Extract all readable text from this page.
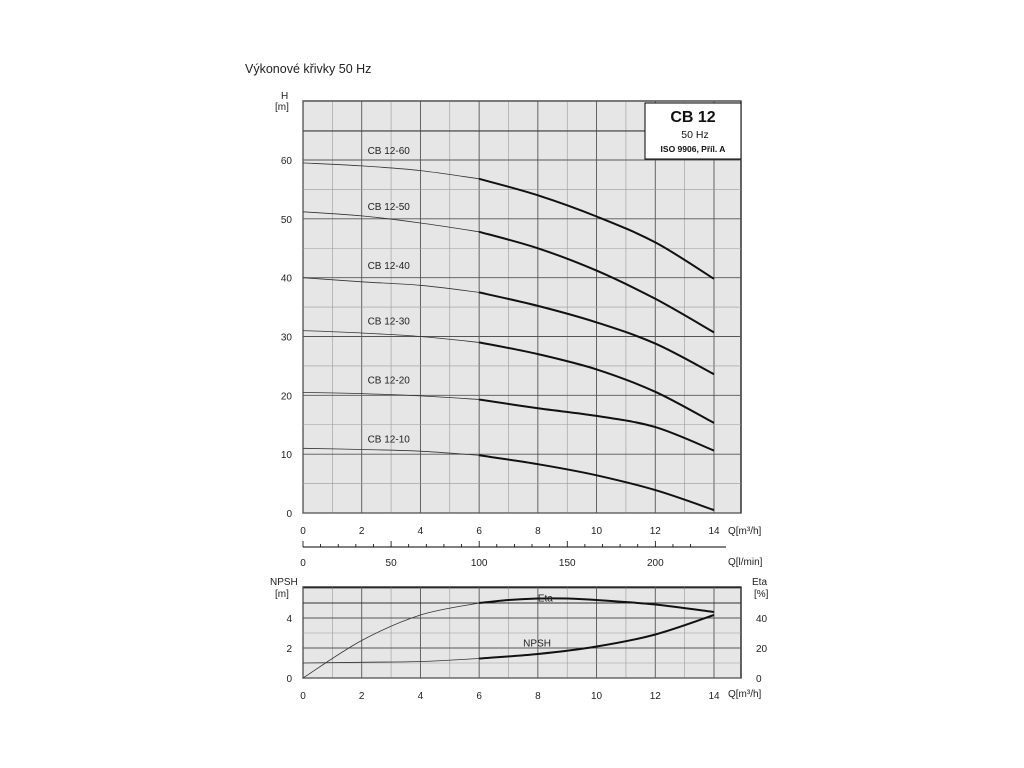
Výkonové křivky 50 Hz
CB 12-60
CB 12-50
CB 12-40
CB 12-30
CB 12-20
CB 12-10
0
10
20
30
40
50
60
0	2	4	6	8	10	12	14
H
[m]
Q[m³/h]
CB 12
50 Hz
ISO 9906, Příl. A
0	50	100	150	200	Q[l/min]
Eta
NPSH
0
2
4
0
20
40
0	2	4	6	8	10	12	14
NPSH
[m]
Eta
[%]
Q[m³/h]
